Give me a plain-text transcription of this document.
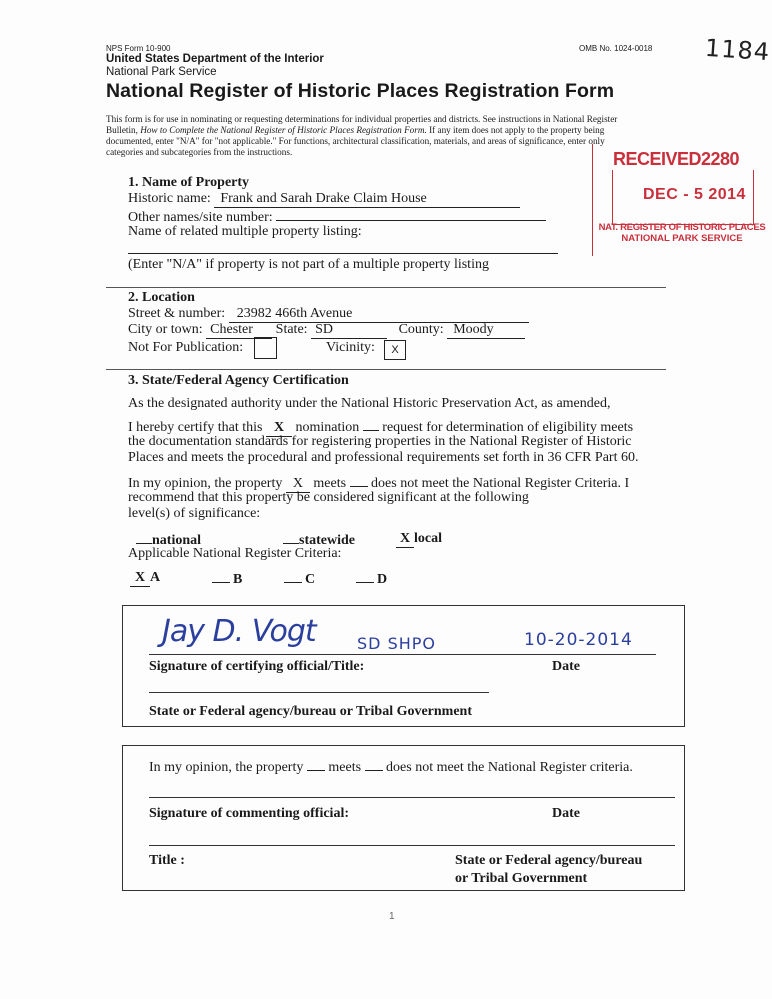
NPS Form 10-900	OMB No. 1024-0018 1184
United States Department of the Interior
National Park Service
National Register of Historic Places Registration Form
This form is for use in nominating or requesting determinations for individual properties and districts. See instructions in National Register
Bulletin, How to Complete the National Register of Historic Places Registration Form. If any item does not apply to the property being
documented, enter "N/A" for "not applicable." For functions, architectural classification, materials, and areas of significance, enter only
categories and subcategories from the instructions.	RECEIVED2280
DEC - 5 2014
NAT. REGISTER OF HISTORIC PLACES
NATIONAL PARK SERVICE
1. Name of Property
Historic name: Frank and Sarah Drake Claim House
Other names/site number:
Name of related multiple property listing:
(Enter "N/A" if property is not part of a multiple property listing
2. Location
Street & number: 23982 466th Avenue
City or town: Chester State: SD	County: Moody
Not For Publication:	Vicinity:	X
3. State/Federal Agency Certification
As the designated authority under the National Historic Preservation Act, as amended,
I hereby certify that this X nomination request for determination of eligibility meets
the documentation standards for registering properties in the National Register of Historic
Places and meets the procedural and professional requirements set forth in 36 CFR Part 60.
In my opinion, the property X meets does not meet the National Register Criteria. I
recommend that this property be considered significant at the following
level(s) of significance:
national	statewide	X local
Applicable National Register Criteria:
X A	B	C	D
Jay D. Vogt	SD SHPO	10-20-2014
Signature of certifying official/Title:	Date
State or Federal agency/bureau or Tribal Government
In my opinion, the property meets does not meet the National Register criteria.
Signature of commenting official:	Date
Title :	State or Federal agency/bureau
or Tribal Government
1
